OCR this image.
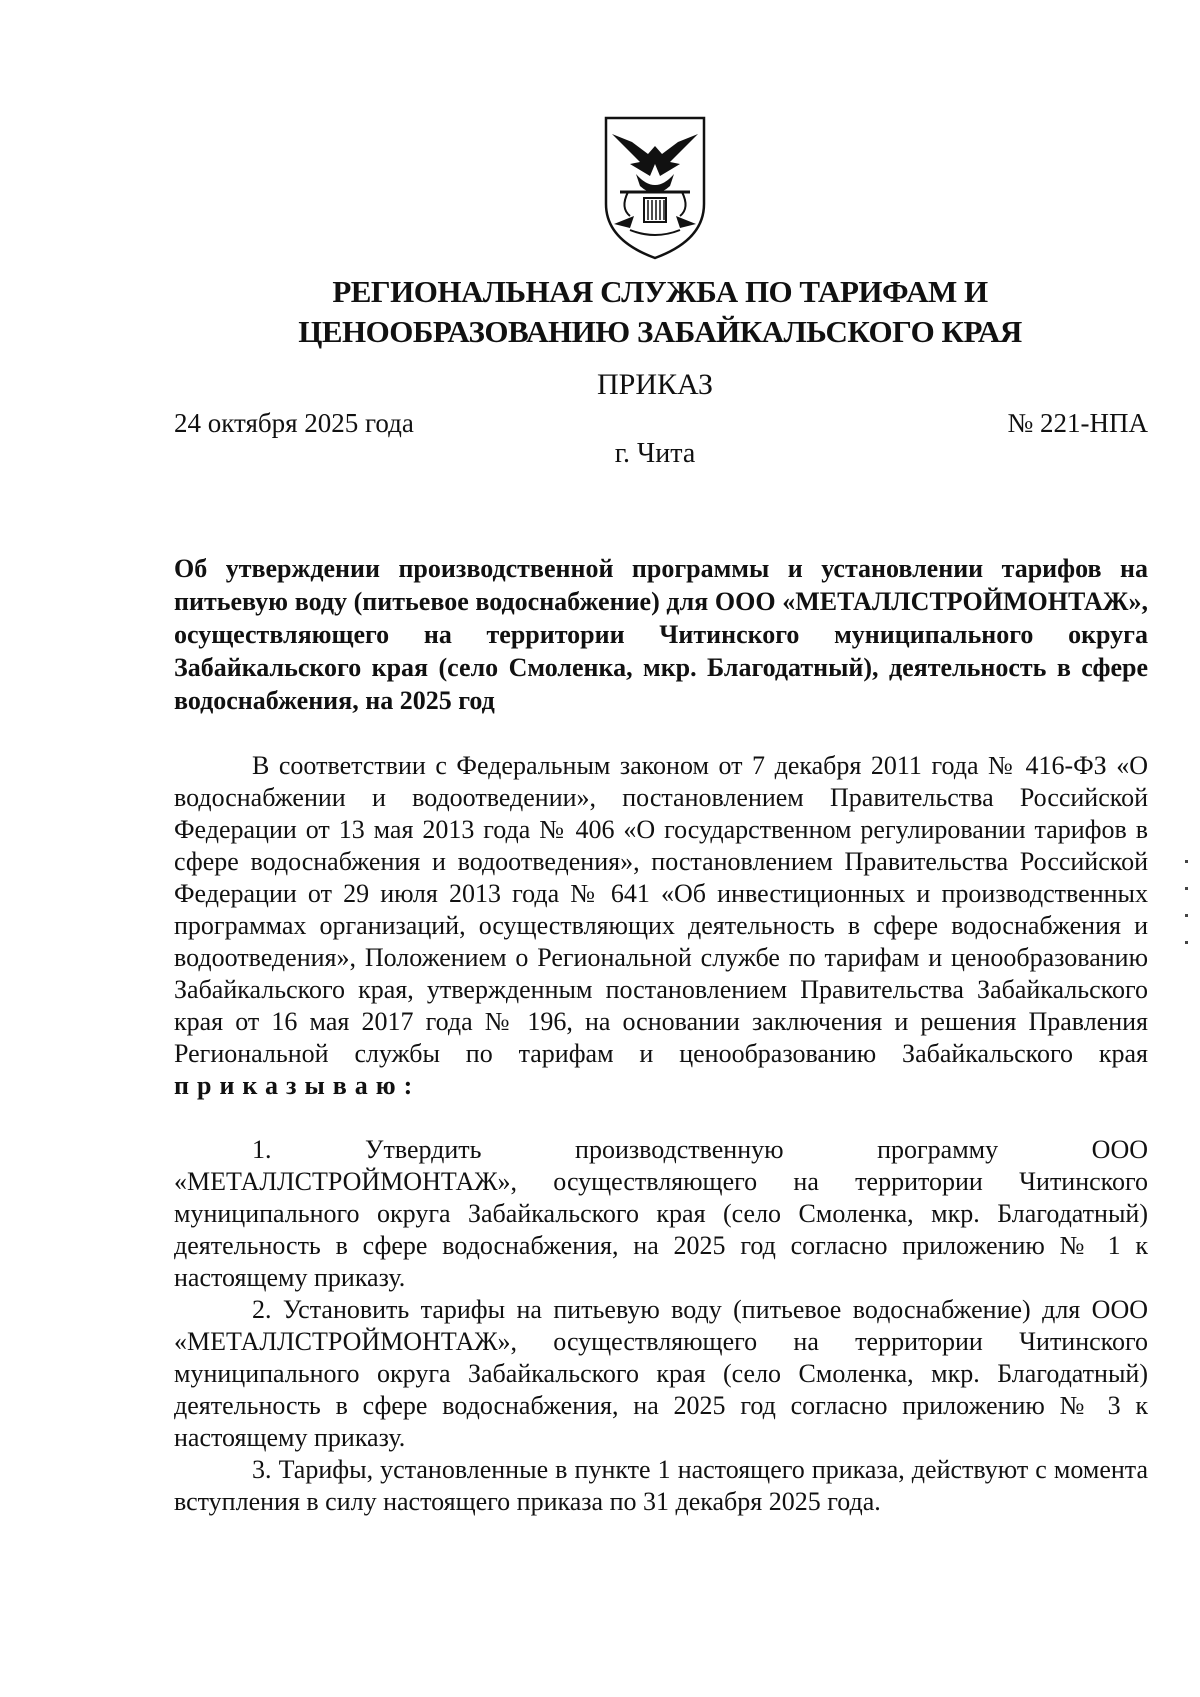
РЕГИОНАЛЬНАЯ СЛУЖБА ПО ТАРИФАМ И
ЦЕНООБРАЗОВАНИЮ ЗАБАЙКАЛЬСКОГО КРАЯ
ПРИКАЗ
24 октября 2025 года	№ 221-НПА
г. Чита
Об утверждении производственной программы и установлении тарифов на питьевую воду (питьевое водоснабжение) для ООО «МЕТАЛЛСТРОЙМОНТАЖ», осуществляющего на территории Читинского муниципального округа Забайкальского края (село Смоленка, мкр. Благодатный), деятельность в сфере водоснабжения, на 2025 год

В соответствии с Федеральным законом от 7 декабря 2011 года № 416-ФЗ «О водоснабжении и водоотведении», постановлением Правительства Российской Федерации от 13 мая 2013 года № 406 «О государственном регулировании тарифов в сфере водоснабжения и водоотведения», постановлением Правительства Российской Федерации от 29 июля 2013 года № 641 «Об инвестиционных и производственных программах организаций, осуществляющих деятельность в сфере водоснабжения и водоотведения», Положением о Региональной службе по тарифам и ценообразованию Забайкальского края, утвержденным постановлением Правительства Забайкальского края от 16 мая 2017 года № 196, на основании заключения и решения Правления Региональной службы по тарифам и ценообразованию Забайкальского края приказываю:

1. Утвердить производственную программу ООО «МЕТАЛЛСТРОЙМОНТАЖ», осуществляющего на территории Читинского муниципального округа Забайкальского края (село Смоленка, мкр. Благодатный) деятельность в сфере водоснабжения, на 2025 год согласно приложению № 1 к настоящему приказу.

2. Установить тарифы на питьевую воду (питьевое водоснабжение) для ООО «МЕТАЛЛСТРОЙМОНТАЖ», осуществляющего на территории Читинского муниципального округа Забайкальского края (село Смоленка, мкр. Благодатный) деятельность в сфере водоснабжения, на 2025 год согласно приложению № 3 к настоящему приказу.

3. Тарифы, установленные в пункте 1 настоящего приказа, действуют с момента вступления в силу настоящего приказа по 31 декабря 2025 года.
